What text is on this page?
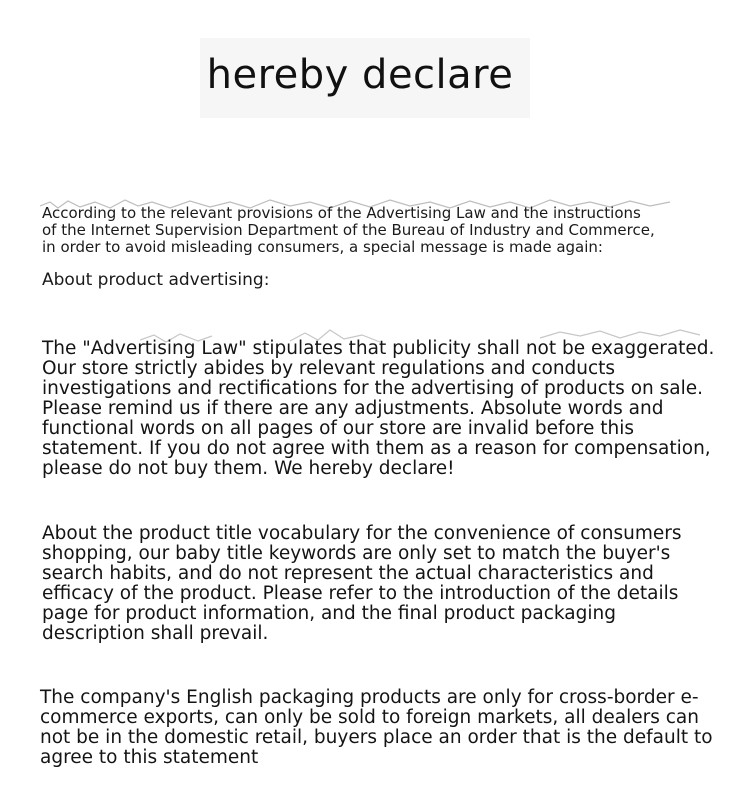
hereby declare
According to the relevant provisions of the Advertising Law and the instructions
of the Internet Supervision Department of the Bureau of Industry and Commerce,
in order to avoid misleading consumers, a special message is made again:
About product advertising:
The "Advertising Law" stipulates that publicity shall not be exaggerated.
Our store strictly abides by relevant regulations and conducts
investigations and rectifications for the advertising of products on sale.
Please remind us if there are any adjustments. Absolute words and
functional words on all pages of our store are invalid before this
statement. If you do not agree with them as a reason for compensation,
please do not buy them. We hereby declare!
About the product title vocabulary for the convenience of consumers
shopping, our baby title keywords are only set to match the buyer's
search habits, and do not represent the actual characteristics and
efficacy of the product. Please refer to the introduction of the details
page for product information, and the final product packaging
description shall prevail.
The company's English packaging products are only for cross-border e-
commerce exports, can only be sold to foreign markets, all dealers can
not be in the domestic retail, buyers place an order that is the default to
agree to this statement
